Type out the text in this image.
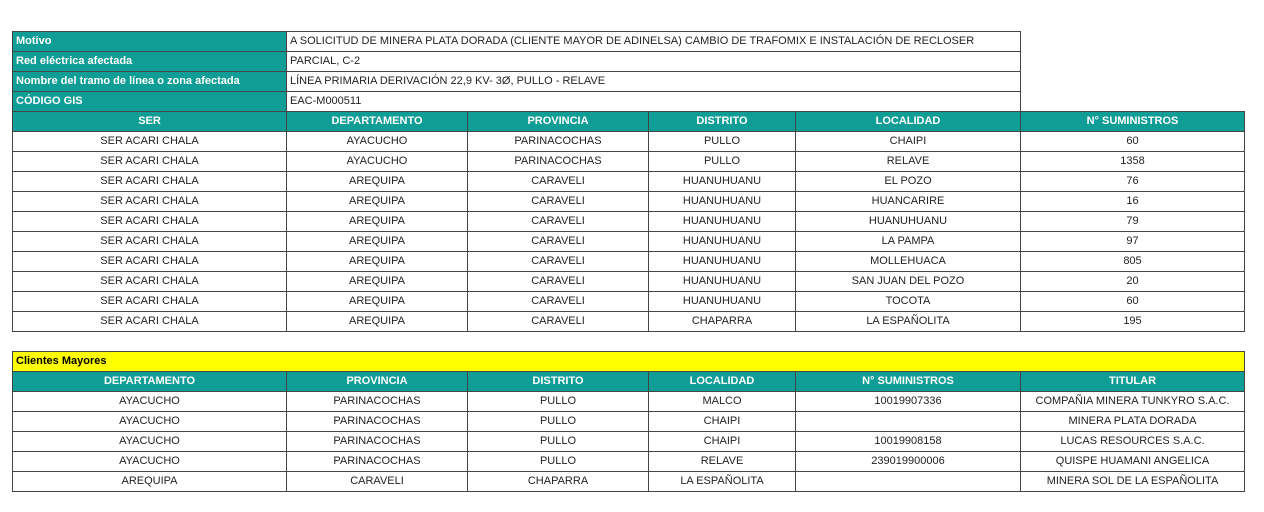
Motivo	A SOLICITUD DE MINERA PLATA DORADA (CLIENTE MAYOR DE ADINELSA) CAMBIO DE TRAFOMIX E INSTALACIÓN DE RECLOSER
Red eléctrica afectada	PARCIAL, C-2
Nombre del tramo de línea o zona afectada	LÍNEA PRIMARIA DERIVACIÓN 22,9 KV- 3Ø, PULLO - RELAVE
CÓDIGO GIS	EAC-M000511
SER	DEPARTAMENTO	PROVINCIA	DISTRITO	LOCALIDAD	N° SUMINISTROS
SER ACARI CHALA	AYACUCHO	PARINACOCHAS	PULLO	CHAIPI	60
SER ACARI CHALA	AYACUCHO	PARINACOCHAS	PULLO	RELAVE	1358
SER ACARI CHALA	AREQUIPA	CARAVELI	HUANUHUANU	EL POZO	76
SER ACARI CHALA	AREQUIPA	CARAVELI	HUANUHUANU	HUANCARIRE	16
SER ACARI CHALA	AREQUIPA	CARAVELI	HUANUHUANU	HUANUHUANU	79
SER ACARI CHALA	AREQUIPA	CARAVELI	HUANUHUANU	LA PAMPA	97
SER ACARI CHALA	AREQUIPA	CARAVELI	HUANUHUANU	MOLLEHUACA	805
SER ACARI CHALA	AREQUIPA	CARAVELI	HUANUHUANU	SAN JUAN DEL POZO	20
SER ACARI CHALA	AREQUIPA	CARAVELI	HUANUHUANU	TOCOTA	60
SER ACARI CHALA	AREQUIPA	CARAVELI	CHAPARRA	LA ESPAÑOLITA	195
Clientes Mayores					
DEPARTAMENTO	PROVINCIA	DISTRITO	LOCALIDAD	N° SUMINISTROS	TITULAR
AYACUCHO	PARINACOCHAS	PULLO	MALCO	10019907336	COMPAÑIA MINERA TUNKYRO S.A.C.
AYACUCHO	PARINACOCHAS	PULLO	CHAIPI		MINERA PLATA DORADA
AYACUCHO	PARINACOCHAS	PULLO	CHAIPI	10019908158	LUCAS RESOURCES S.A.C.
AYACUCHO	PARINACOCHAS	PULLO	RELAVE	239019900006	QUISPE HUAMANI ANGELICA
AREQUIPA	CARAVELI	CHAPARRA	LA ESPAÑOLITA		MINERA SOL DE LA ESPAÑOLITA
